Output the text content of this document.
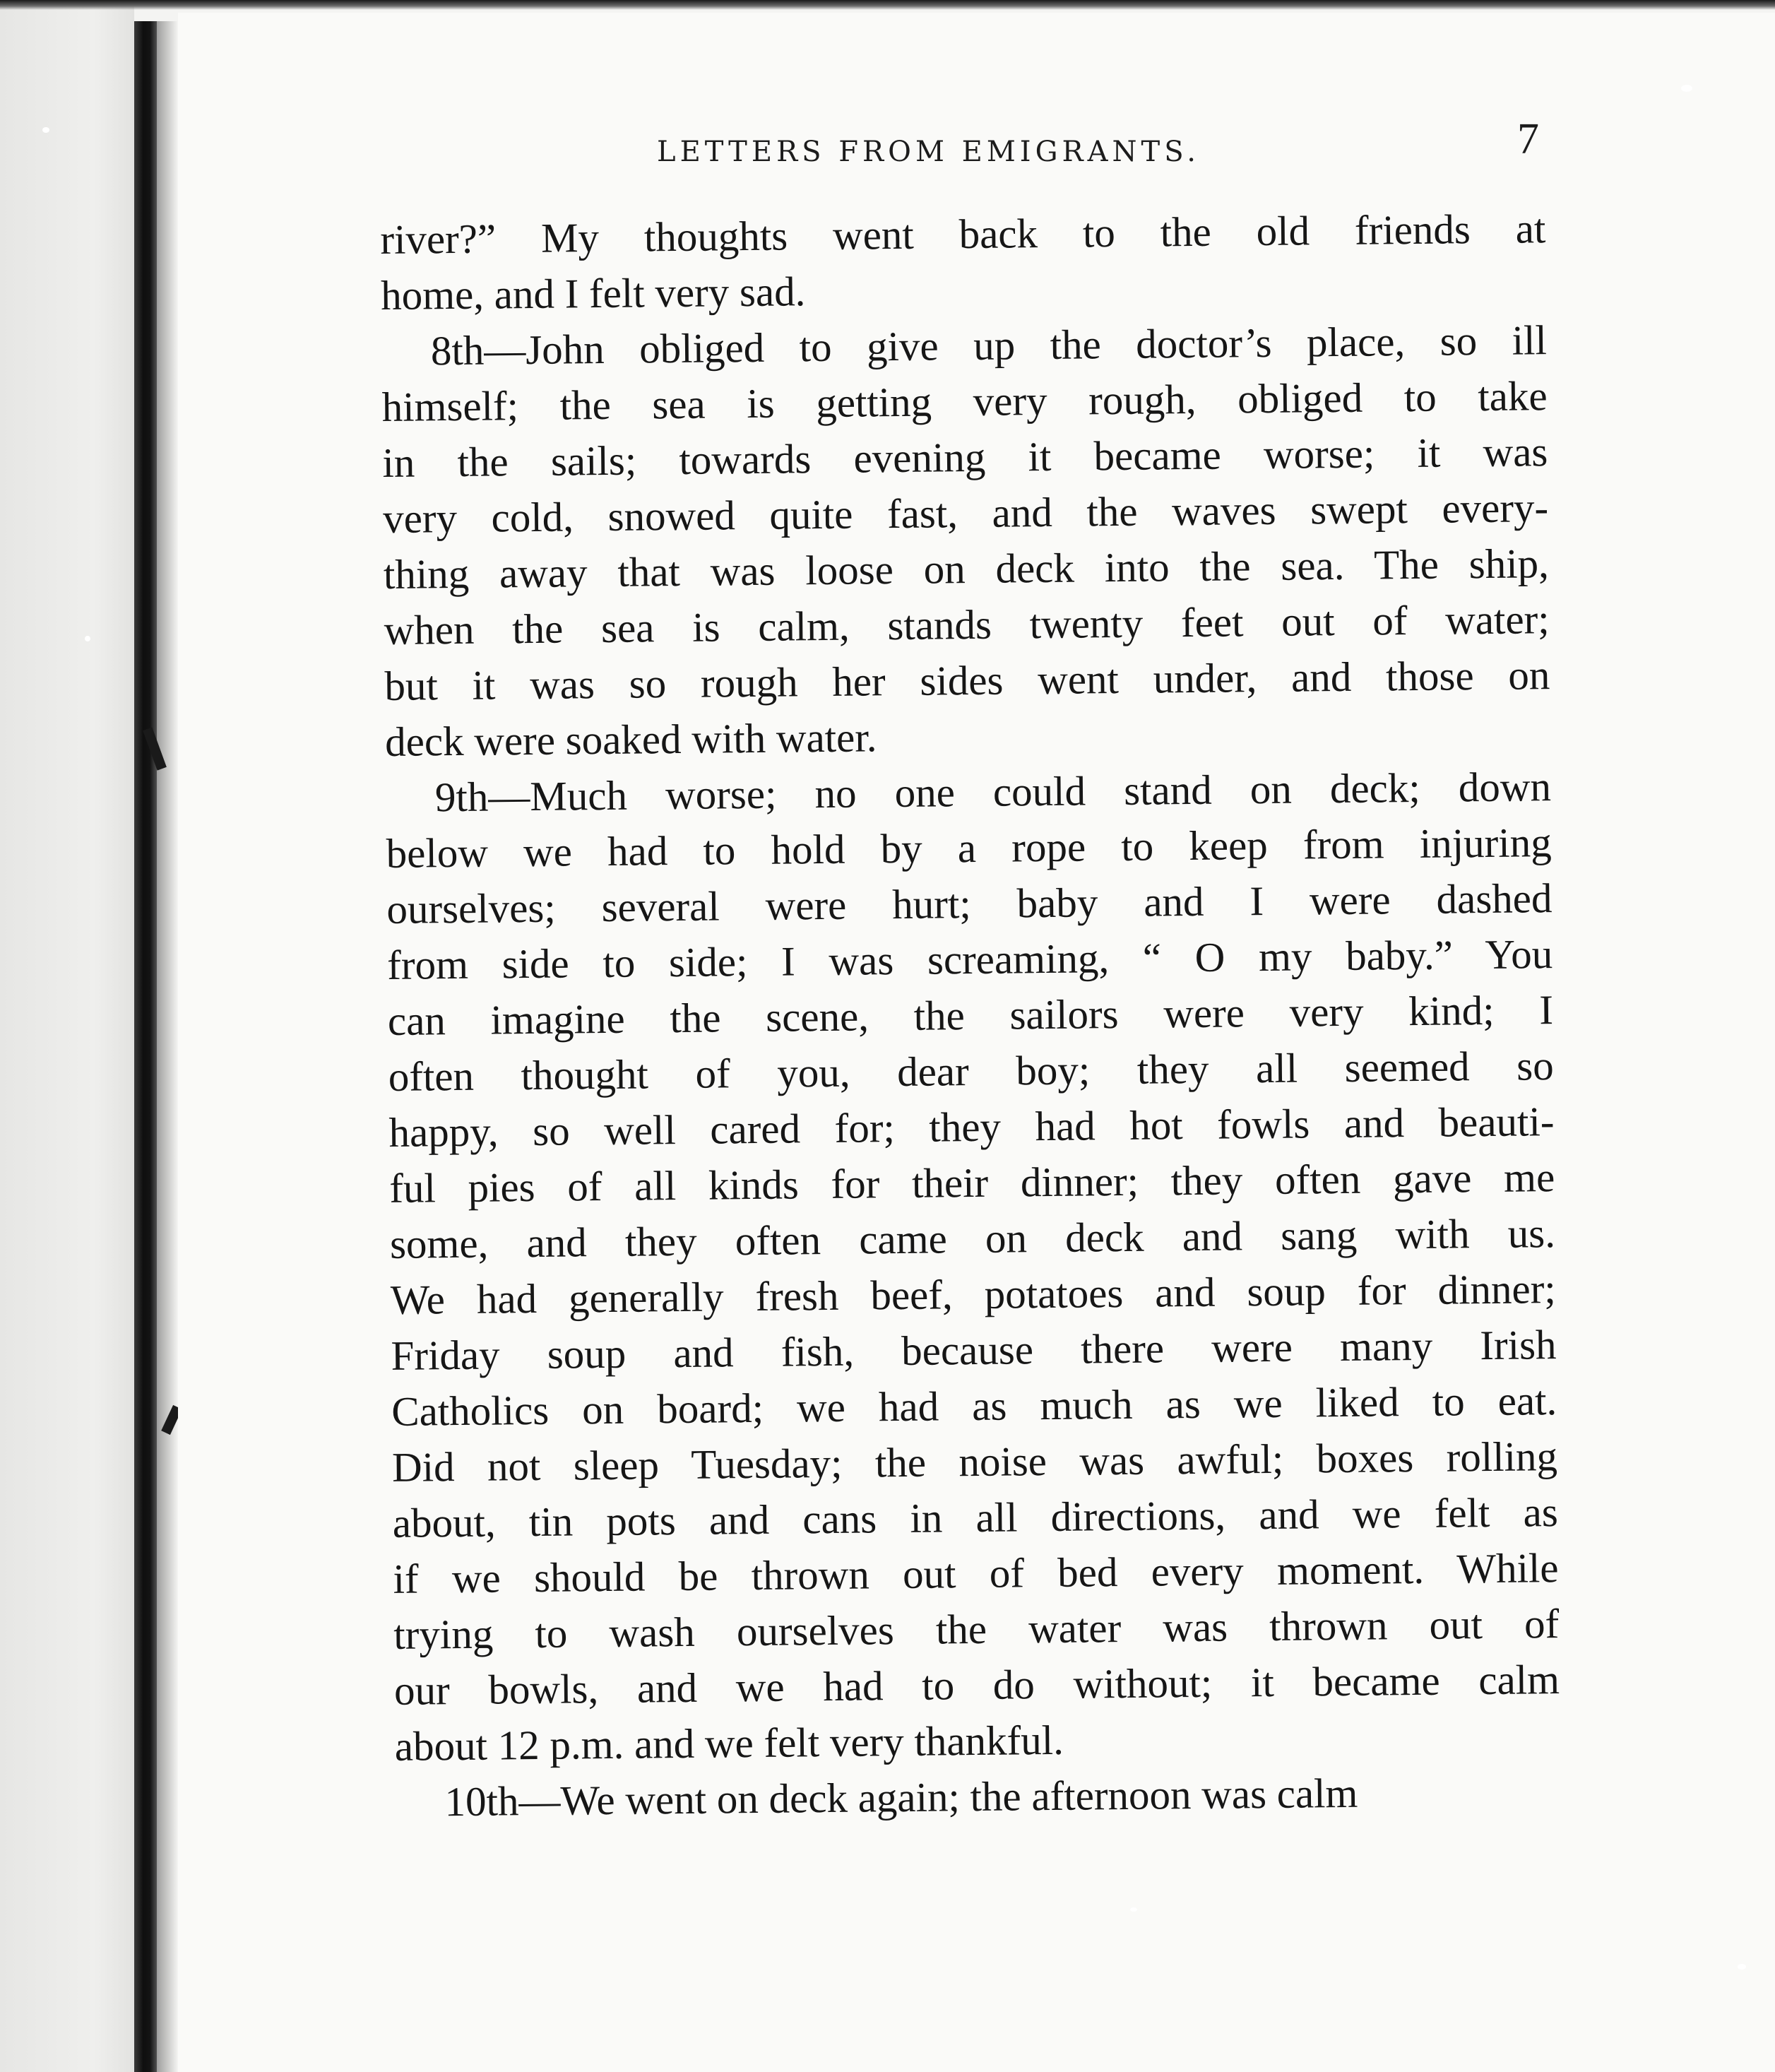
LETTERS FROM EMIGRANTS.	7
river?” My thoughts went back to the old friends at
home, and I felt very sad.
8th—John obliged to give up the doctor’s place, so ill
himself; the sea is getting very rough, obliged to take
in the sails; towards evening it became worse; it was
very cold, snowed quite fast, and the waves swept every-
thing away that was loose on deck into the sea. The ship,
when the sea is calm, stands twenty feet out of water;
but it was so rough her sides went under, and those on
deck were soaked with water.
9th—Much worse; no one could stand on deck; down
below we had to hold by a rope to keep from injuring
ourselves; several were hurt; baby and I were dashed
from side to side; I was screaming, “ O my baby.” You
can imagine the scene, the sailors were very kind; I
often thought of you, dear boy; they all seemed so
happy, so well cared for; they had hot fowls and beauti-
ful pies of all kinds for their dinner; they often gave me
some, and they often came on deck and sang with us.
We had generally fresh beef, potatoes and soup for dinner;
Friday soup and fish, because there were many Irish
Catholics on board; we had as much as we liked to eat.
Did not sleep Tuesday; the noise was awful; boxes rolling
about, tin pots and cans in all directions, and we felt as
if we should be thrown out of bed every moment. While
trying to wash ourselves the water was thrown out of
our bowls, and we had to do without; it became calm
about 12 p.m. and we felt very thankful.
10th—We went on deck again; the afternoon was calm
